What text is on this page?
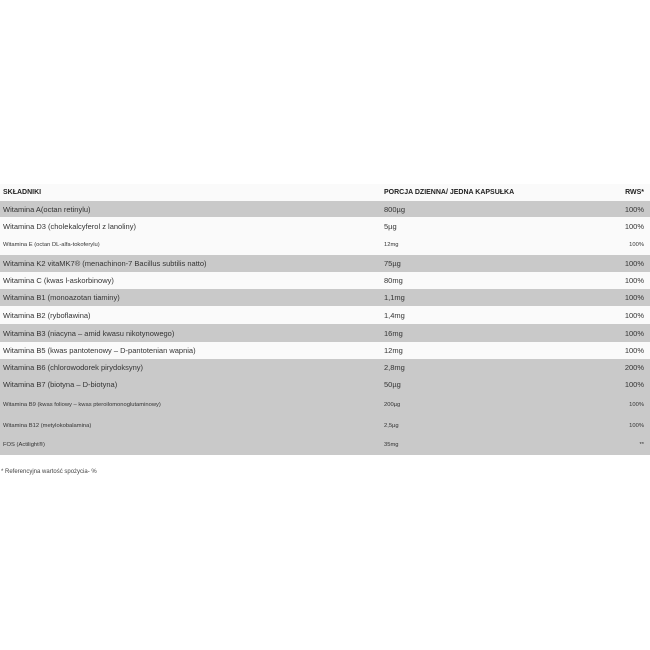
SKŁADNIKI	PORCJA DZIENNA/ JEDNA KAPSUŁKA	RWS*
Witamina A(octan retinylu)	800µg	100%
Witamina D3 (cholekalcyferol z lanoliny)	5µg	100%
Witamina E (octan DL-alfa-tokoferylu)	12mg	100%
Witamina K2 vitaMK7® (menachinon-7 Bacillus subtilis natto)	75µg	100%
Witamina C (kwas l-askorbinowy)	80mg	100%
Witamina B1 (monoazotan tiaminy)	1,1mg	100%
Witamina B2 (ryboflawina)	1,4mg	100%
Witamina B3 (niacyna – amid kwasu nikotynowego)	16mg	100%
Witamina B5 (kwas pantotenowy – D-pantotenian wapnia)	12mg	100%
Witamina B6 (chlorowodorek pirydoksyny)	2,8mg	200%
Witamina B7 (biotyna – D-biotyna)	50µg	100%
Witamina B9 (kwas foliowy – kwas pteroilomonoglutaminowy)	200µg	100%
Witamina B12 (metylokobalamina)	2,5µg	100%
FOS (Actilight®)	35mg	**
* Referencyjna wartość spożycia- %
